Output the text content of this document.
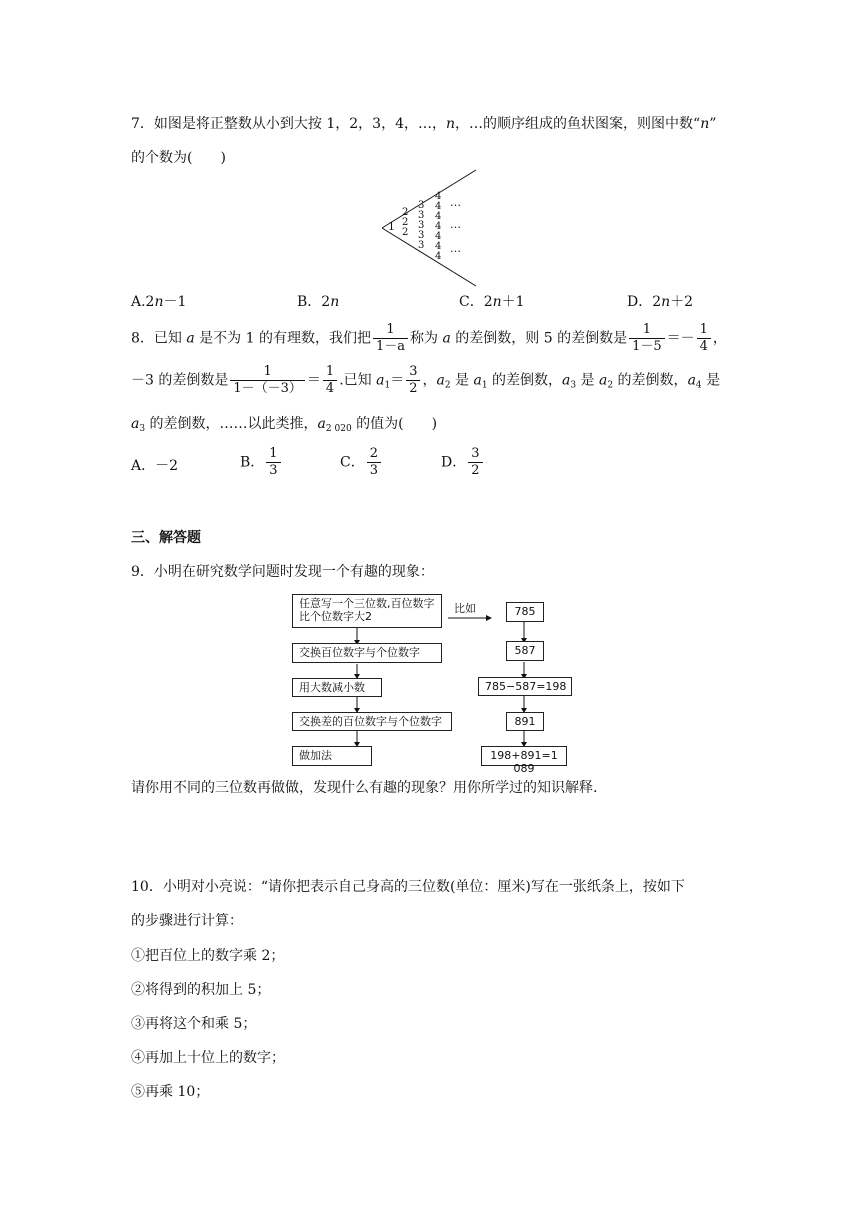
7．如图是将正整数从小到大按 1，2，3，4，…，n，…的顺序组成的鱼状图案，则图中数“n”
的个数为(　　)
1
2
2
2
3
3
3
3
3
4
4
4
4
4
4
4
…
…
…
A.2n－1	B．2n	C．2n＋1	D．2n＋2
8．已知 a 是不为 1 的有理数，我们把 $\frac{1}{1-a}$ 称为 a 的差倒数，则 5 的差倒数是 $\frac{1}{1-5} =- \frac{1}{4}$ ，
－3 的差倒数是 $\frac{1}{1-(-3)} = \frac{1}{4}$ .已知 $a_1= \frac{3}{2}$ ，$a_2$ 是 $a_1$ 的差倒数，$a_3$ 是 $a_2$ 的差倒数，$a_4$ 是
$a_3$ 的差倒数，……以此类推，$a_{2 020}$ 的值为(　　)
A．－2	B． $\frac{1}{3}$	C． $\frac{2}{3}$	D． $\frac{3}{2}$
三、解答题
9．小明在研究数学问题时发现一个有趣的现象：
任意写一个三位数,百位数字比个位数字大2
交换百位数字与个位数字
用大数减小数
交换差的百位数字与个位数字
做加法
比如	785
587
785−587=198
891
198+891=1 089
请你用不同的三位数再做做，发现什么有趣的现象？用你所学过的知识解释.
10．小明对小亮说：“请你把表示自己身高的三位数(单位：厘米)写在一张纸条上，按如下
的步骤进行计算：
①把百位上的数字乘 2；
②将得到的积加上 5；
③再将这个和乘 5；
④再加上十位上的数字；
⑤再乘 10；
